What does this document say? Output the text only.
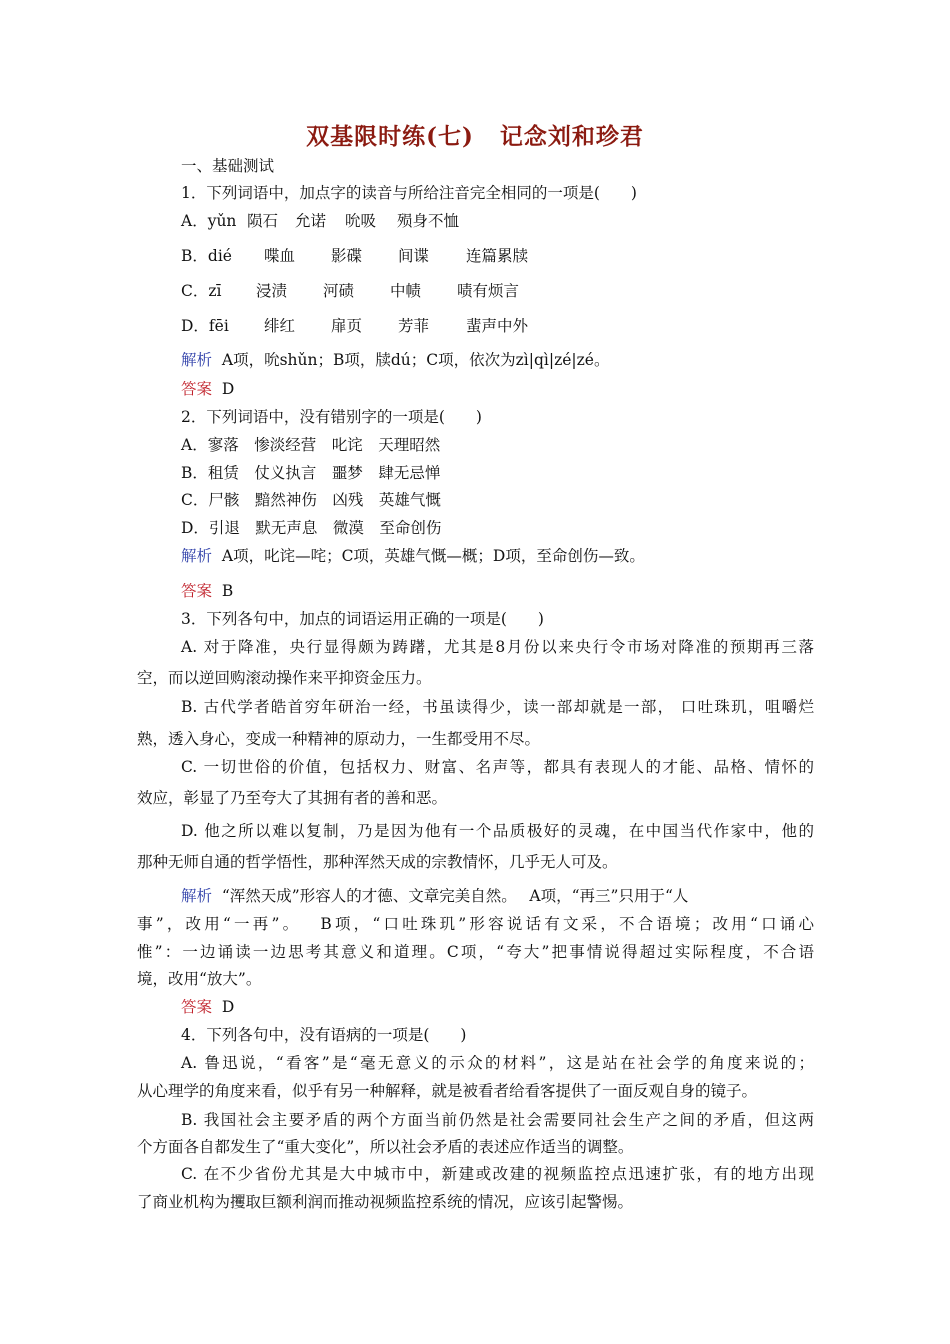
双基限时练(七) 记念刘和珍君
一、基础测试
1．下列词语中，加点字的读音与所给注音完全相同的一项是(　　)
A．yǔn 陨石 允诺 吮吸 殒身不恤
B．dié 喋血 影碟 间谍 连篇累牍
C．zī 浸渍 河碛 中帻 啧有烦言
D．fēi 绯红 扉页 芳菲 蜚声中外
解析 A项，吮shǔn；B项，牍dú；C项，依次为zì|qì|zé|zé。
答案 D
2．下列词语中，没有错别字的一项是(　　)
A．寥落　惨淡经营　叱诧　天理昭然
B．租赁　仗义执言　噩梦　肆无忌惮
C．尸骸　黯然神伤　凶残　英雄气慨
D．引退　默无声息　微漠　至命创伤
解析 A项，叱诧—咤；C项，英雄气慨—概；D项，至命创伤—致。
答案 B
3．下列各句中，加点的词语运用正确的一项是(　　)
A. 对于降准，央行显得颇为踌躇，尤其是8月份以来央行令市场对降准的预期再三落
空，而以逆回购滚动操作来平抑资金压力。
B. 古代学者皓首穷年研治一经，书虽读得少，读一部却就是一部， 口吐珠玑，咀嚼烂
熟，透入身心，变成一种精神的原动力，一生都受用不尽。
C. 一切世俗的价值，包括权力、财富、名声等，都具有表现人的才能、品格、情怀的
效应，彰显了乃至夸大了其拥有者的善和恶。
D. 他之所以难以复制，乃是因为他有一个品质极好的灵魂，在中国当代作家中，他的
那种无师自通的哲学悟性，那种浑然天成的宗教情怀，几乎无人可及。
解析 “浑然天成”形容人的才德、文章完美自然。　 A项，“再三”只用于“人
事”，改用“一再”。　 B项，“口吐珠玑”形容说话有文采，不合语境；改用“口诵心
惟”：一边诵读一边思考其意义和道理。C项，“夸大”把事情说得超过实际程度，不合语
境，改用“放大”。
答案 D
4．下列各句中，没有语病的一项是(　　)
A. 鲁迅说，“看客”是“毫无意义的示众的材料”，这是站在社会学的角度来说的；
从心理学的角度来看，似乎有另一种解释，就是被看者给看客提供了一面反观自身的镜子。
B. 我国社会主要矛盾的两个方面当前仍然是社会需要同社会生产之间的矛盾，但这两
个方面各自都发生了“重大变化”，所以社会矛盾的表述应作适当的调整。
C. 在不少省份尤其是大中城市中，新建或改建的视频监控点迅速扩张，有的地方出现
了商业机构为攫取巨额利润而推动视频监控系统的情况，应该引起警惕。
